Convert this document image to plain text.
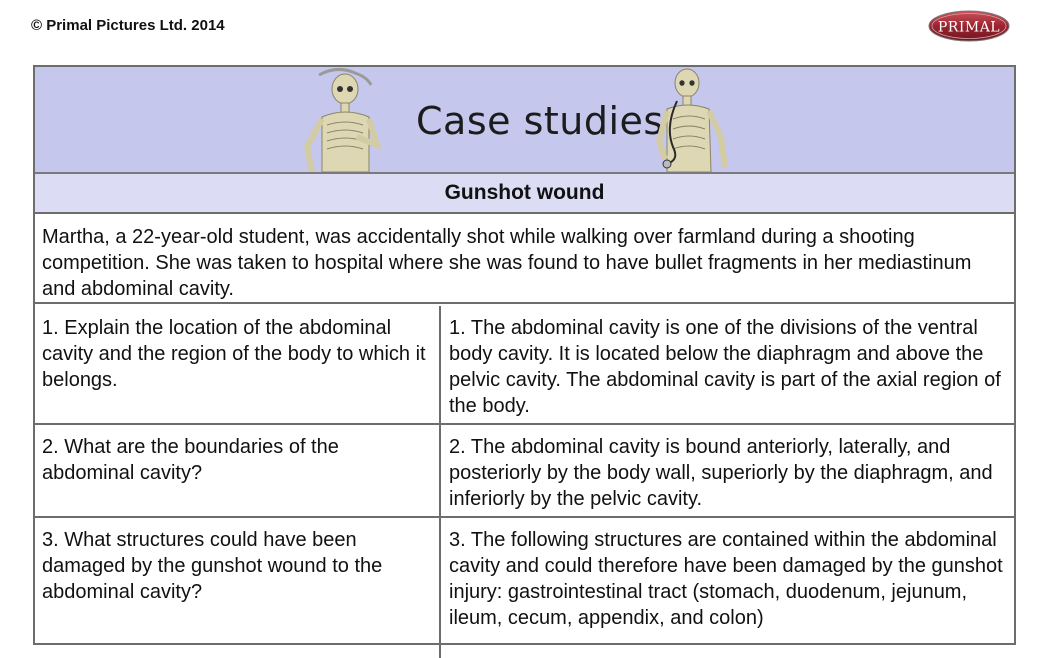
© Primal Pictures Ltd. 2014	PRIMAL
Case studies
Gunshot wound
Martha, a 22-year-old student, was accidentally shot while walking over farmland during a shooting competition. She was taken to hospital where she was found to have bullet fragments in her mediastinum and abdominal cavity.
1. Explain the location of the abdominal cavity and the region of the body to which it belongs.
1. The abdominal cavity is one of the divisions of the ventral body cavity. It is located below the diaphragm and above the pelvic cavity. The abdominal cavity is part of the axial region of the body.
2. What are the boundaries of the abdominal cavity?
2. The abdominal cavity is bound anteriorly, laterally, and posteriorly by the body wall, superiorly by the diaphragm, and inferiorly by the pelvic cavity.
3. What structures could have been damaged by the gunshot wound to the abdominal cavity?
3. The following structures are contained within the abdominal cavity and could therefore have been damaged by the gunshot injury: gastrointestinal tract (stomach, duodenum, jejunum, ileum, cecum, appendix, and colon)
